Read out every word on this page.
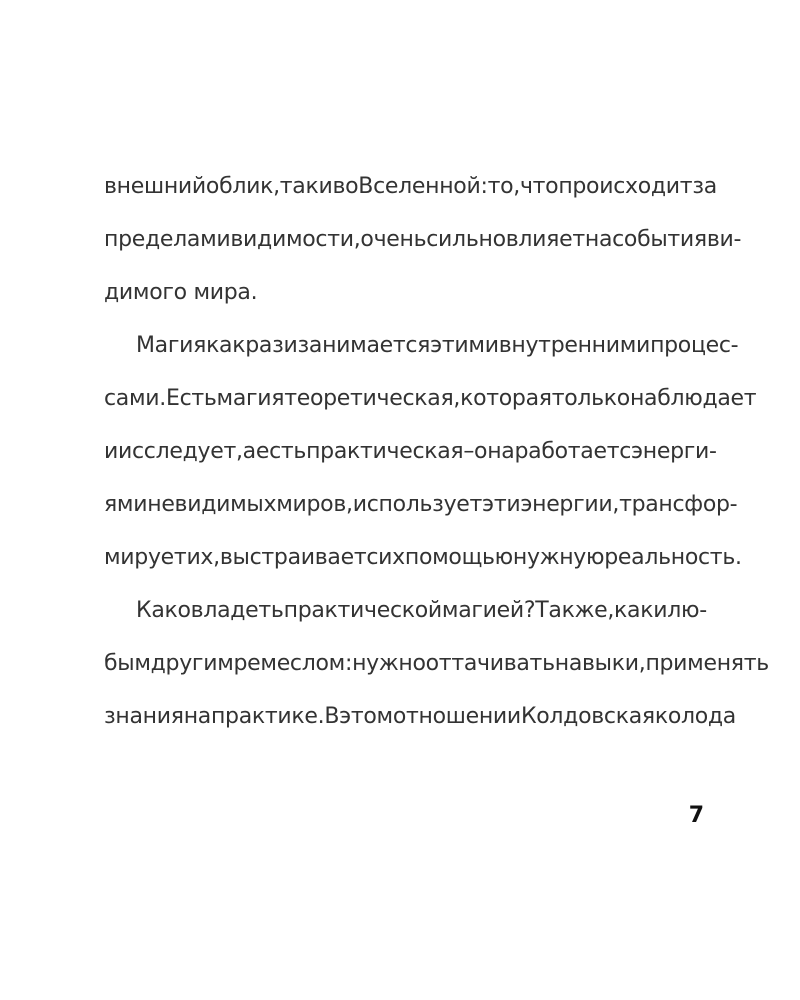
внешний облик, так и во Вселенной: то, что происходит за
пределами видимости, очень сильно влияет на события ви-
димого мира.
Магия как раз и занимается этими внутренними процес-
сами. Есть магия теоретическая, которая только наблюдает
и исследует, а есть практическая – она работает с энерги-
ями невидимых миров, использует эти энергии, трансфор-
мирует их, выстраивает с их помощью нужную реальность.
Как овладеть практической магией? Так же, как и лю-
бым другим ремеслом: нужно оттачивать навыки, применять
знания на практике. В этом отношении Колдовская колода
7
